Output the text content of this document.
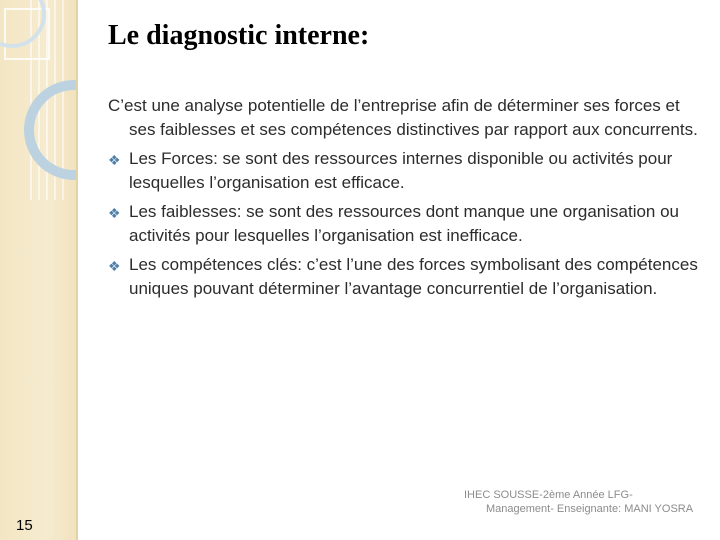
Le diagnostic interne:

C’est une analyse potentielle de l’entreprise afin de déterminer ses forces et ses faiblesses et ses compétences distinctives par rapport aux concurrents.

❖ Les Forces: se sont des ressources internes disponible ou activités pour lesquelles l’organisation est efficace.
❖ Les faiblesses: se sont des ressources dont manque une organisation ou activités pour lesquelles l’organisation est inefficace.
❖ Les compétences clés: c’est l’une des forces symbolisant des compétences uniques pouvant déterminer l’avantage concurrentiel de l’organisation.
15

IHEC SOUSSE-2ème Année LFG-

Management- Enseignante: MANI YOSRA
